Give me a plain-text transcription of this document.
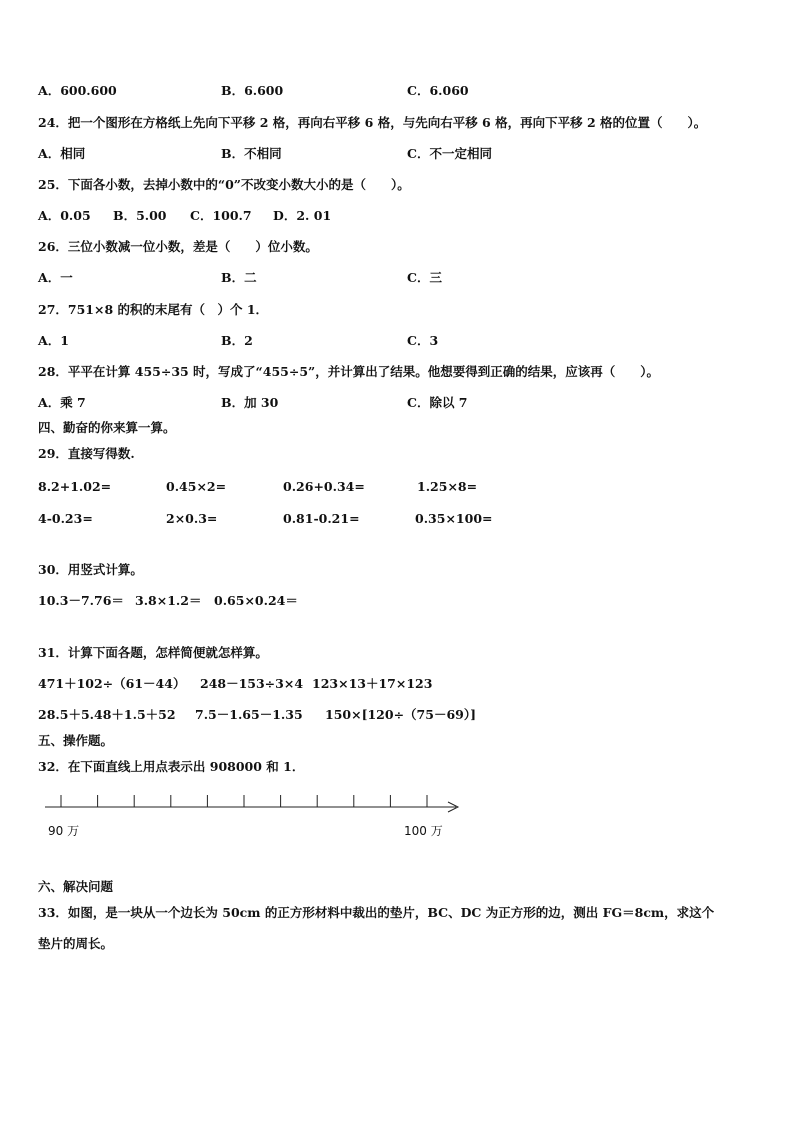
A．600.600	B．6.600	C．6.060
24．把一个图形在方格纸上先向下平移 2 格，再向右平移 6 格，与先向右平移 6 格，再向下平移 2 格的位置（　　）。
A．相同	B．不相同	C．不一定相同
25．下面各小数，去掉小数中的“0”不改变小数大小的是（　　）。
A．0.05 B．5.00 C．100.7 D．2. 01
26．三位小数减一位小数，差是（　　）位小数。
A．一	B．二	C．三
27．751×8 的积的末尾有（　）个 1．
A．1	B．2	C．3
28．平平在计算 455÷35 时，写成了“455÷5”，并计算出了结果。他想要得到正确的结果，应该再（　　）。
A．乘 7	B．加 30	C．除以 7
四、勤奋的你来算一算。
29．直接写得数.
8.2+1.02=	0.45×2=	0.26+0.34=	1.25×8=
4-0.23=	2×0.3=	0.81-0.21=	0.35×100=
30．用竖式计算。
10.3－7.76＝ 3.8×1.2＝ 0.65×0.24＝
31．计算下面各题，怎样简便就怎样算。
471＋102÷（61－44） 248－153÷3×4 123×13＋17×123
28.5＋5.48＋1.5＋52 7.5－1.65－1.35 150×[120÷（75－69）]
五、操作题。
32．在下面直线上用点表示出 908000 和 1．
90 万	100 万
六、解决问题
33．如图，是一块从一个边长为 50cm 的正方形材料中裁出的垫片，BC、DC 为正方形的边，测出 FG＝8cm，求这个
垫片的周长。
